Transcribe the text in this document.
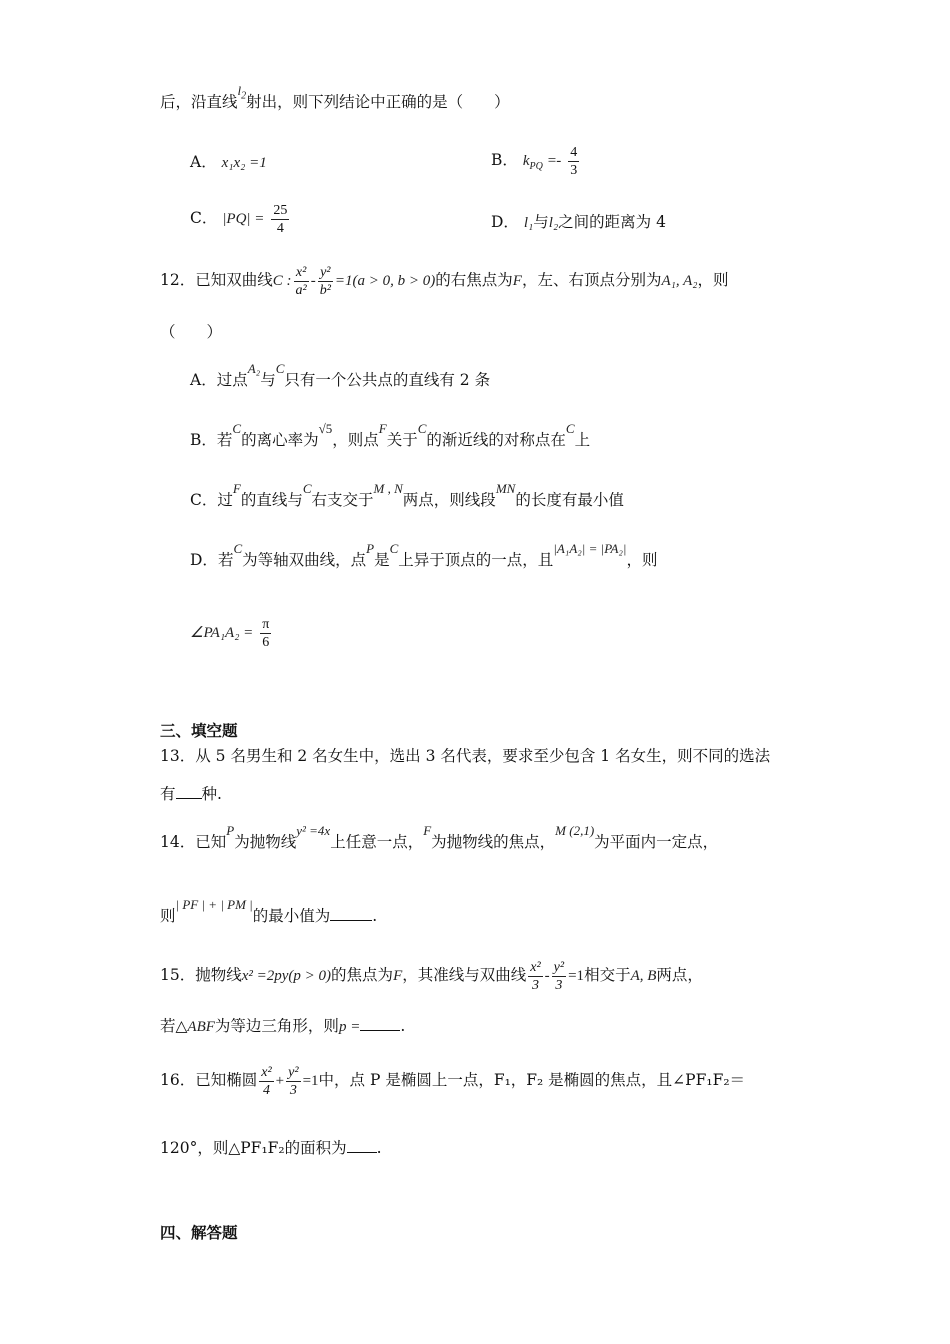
后，沿直线$^{l_2}$射出，则下列结论中正确的是（　　）
A． x₁x₂ =1	B． $k_{PQ} =- \frac{4}{3}$
C． $|PQ| = \frac{25}{4}$	D． l₁与l₂之间的距离为 4
12．已知双曲线C : $\frac{\text{x²}}{\text{a²}} - \frac{\text{y²}}{\text{b²}} =1(a > 0$, b > 0)的右焦点为F，左、右顶点分别为A₁, A₂，则
（　　）
A．过点$^{A_2}$与$^C$只有一个公共点的直线有 2 条
B．若$^C$的离心率为$^{√5}$，则点$^F$关于$^C$的渐近线的对称点在$^C$上
C．过$^F$的直线与$^C$右支交于$^{M , N}$两点，则线段$^{MN}$的长度有最小值
D．若$^C$为等轴双曲线，点$^P$是$^C$上异于顶点的一点，且$^{|A_1A_2| = |PA_2|}$，则
∠PA₁A₂ = $\frac{\pi}{6}$
三、填空题
13．从 5 名男生和 2 名女生中，选出 3 名代表，要求至少包含 1 名女生，则不同的选法
有 种.
14．已知$^P$为抛物线$^{y^2 =4x}$上任意一点，$^F$为抛物线的焦点，$^{M (2,1)}$为平面内一定点，
则$^{| PF | + | PM |}$的最小值为	.
15．抛物线x² =2py(p > 0)的焦点为F，其准线与双曲线 $\frac{\text{x²}}{3} - \frac{\text{y²}}{3} =1$相交于A, B两点，
若△ABF为等边三角形，则p =	.
16．已知椭圆 $\frac{\text{x²}}{4} + \frac{\text{y²}}{3} =1$中，点 P 是椭圆上一点，F₁，F₂ 是椭圆的焦点，且∠PF₁F₂＝
120°，则△PF₁F₂的面积为 .
四、解答题
